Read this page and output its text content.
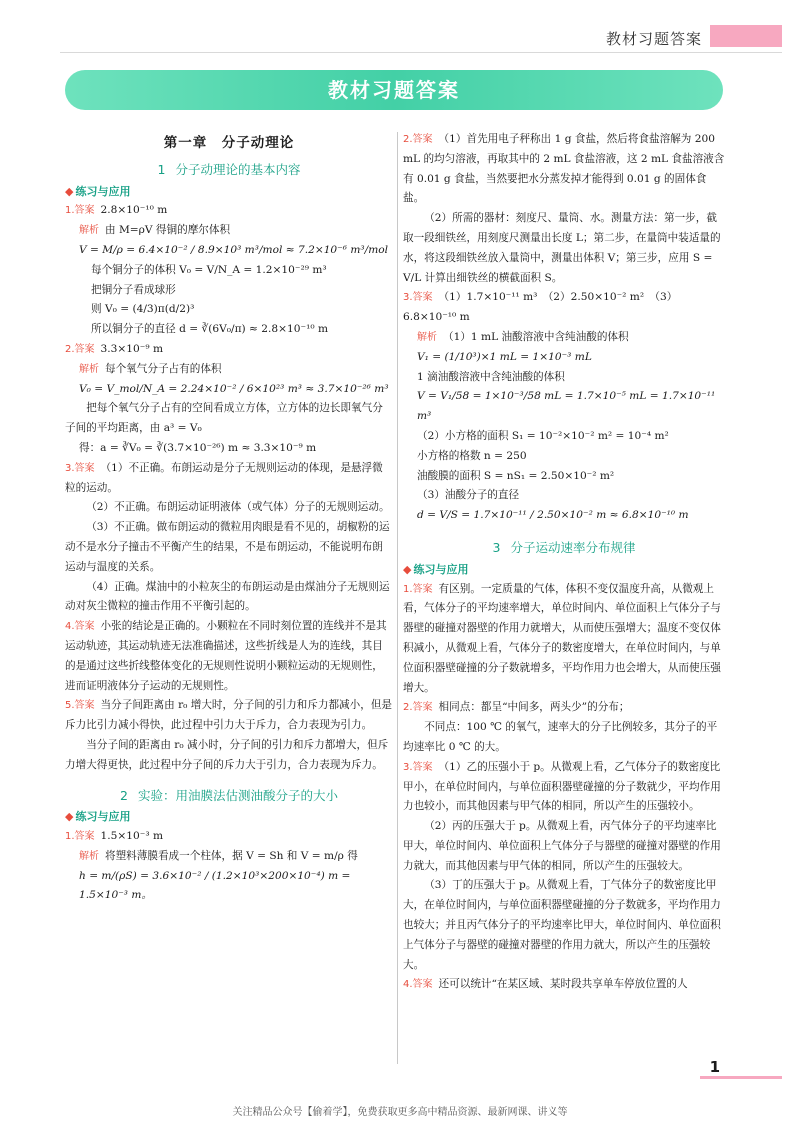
教材习题答案
教材习题答案
第一章　分子动理论
1 分子动理论的基本内容
◆ 练习与应用

1.答案 2.8×10⁻¹⁰ m

解析 由 M=ρV 得铜的摩尔体积

V = M/ρ = 6.4×10⁻² / 8.9×10³ m³/mol ≈ 7.2×10⁻⁶ m³/mol

每个铜分子的体积 V₀ = V/N_A = 1.2×10⁻²⁹ m³

把铜分子看成球形

则 V₀ = (4/3)π(d/2)³

所以铜分子的直径 d = ∛(6V₀/π) ≈ 2.8×10⁻¹⁰ m

2.答案 3.3×10⁻⁹ m

解析 每个氧气分子占有的体积

V₀ = V_mol/N_A = 2.24×10⁻² / 6×10²³ m³ ≈ 3.7×10⁻²⁶ m³

把每个氧气分子占有的空间看成立方体，立方体的边长即氧气分子间的平均距离，由 a³ = V₀

得：a = ∛V₀ = ∛(3.7×10⁻²⁶) m ≈ 3.3×10⁻⁹ m

3.答案 （1）不正确。布朗运动是分子无规则运动的体现，是悬浮微粒的运动。

（2）不正确。布朗运动证明液体（或气体）分子的无规则运动。

（3）不正确。做布朗运动的微粒用肉眼是看不见的，胡椒粉的运动不是水分子撞击不平衡产生的结果，不是布朗运动，不能说明布朗运动与温度的关系。

（4）正确。煤油中的小粒灰尘的布朗运动是由煤油分子无规则运动对灰尘微粒的撞击作用不平衡引起的。

4.答案 小张的结论是正确的。小颗粒在不同时刻位置的连线并不是其运动轨迹，其运动轨迹无法准确描述，这些折线是人为的连线，其目的是通过这些折线整体变化的无规则性说明小颗粒运动的无规则性，进而证明液体分子运动的无规则性。

5.答案 当分子间距离由 r₀ 增大时，分子间的引力和斥力都减小，但是斥力比引力减小得快，此过程中引力大于斥力，合力表现为引力。

当分子间的距离由 r₀ 减小时，分子间的引力和斥力都增大，但斥力增大得更快，此过程中分子间的斥力大于引力，合力表现为斥力。

2 实验：用油膜法估测油酸分子的大小
◆ 练习与应用

1.答案 1.5×10⁻³ m

解析 将塑料薄膜看成一个柱体，据 V = Sh 和 V = m/ρ 得

h = m/(ρS) = 3.6×10⁻² / (1.2×10³×200×10⁻⁴) m = 1.5×10⁻³ m。

2.答案 （1）首先用电子秤称出 1 g 食盐，然后将食盐溶解为 200 mL 的均匀溶液，再取其中的 2 mL 食盐溶液，这 2 mL 食盐溶液含有 0.01 g 食盐，当然要把水分蒸发掉才能得到 0.01 g 的固体食盐。

（2）所需的器材：刻度尺、量筒、水。测量方法：第一步，截取一段细铁丝，用刻度尺测量出长度 L；第二步，在量筒中装适量的水，将这段细铁丝放入量筒中，测量出体积 V；第三步，应用 S = V/L 计算出细铁丝的横截面积 S。

3.答案 （1）1.7×10⁻¹¹ m³　（2）2.50×10⁻² m²　（3）6.8×10⁻¹⁰ m

解析 （1）1 mL 油酸溶液中含纯油酸的体积

V₁ = (1/10³)×1 mL = 1×10⁻³ mL

1 滴油酸溶液中含纯油酸的体积

V = V₁/58 = 1×10⁻³/58 mL = 1.7×10⁻⁵ mL = 1.7×10⁻¹¹ m³

（2）小方格的面积 S₁ = 10⁻²×10⁻² m² = 10⁻⁴ m²

小方格的格数 n = 250

油酸膜的面积 S = nS₁ = 2.50×10⁻² m²

（3）油酸分子的直径

d = V/S = 1.7×10⁻¹¹ / 2.50×10⁻² m ≈ 6.8×10⁻¹⁰ m

3 分子运动速率分布规律
◆ 练习与应用

1.答案 有区别。一定质量的气体，体积不变仅温度升高，从微观上看，气体分子的平均速率增大，单位时间内、单位面积上气体分子与器壁的碰撞对器壁的作用力就增大，从而使压强增大；温度不变仅体积减小，从微观上看，气体分子的数密度增大，在单位时间内，与单位面积器壁碰撞的分子数就增多，平均作用力也会增大，从而使压强增大。

2.答案 相同点：都呈“中间多，两头少”的分布；

不同点：100 ℃ 的氧气，速率大的分子比例较多，其分子的平均速率比 0 ℃ 的大。

3.答案 （1）乙的压强小于 p。从微观上看，乙气体分子的数密度比甲小，在单位时间内，与单位面积器壁碰撞的分子数就少，平均作用力也较小，而其他因素与甲气体的相同，所以产生的压强较小。

（2）丙的压强大于 p。从微观上看，丙气体分子的平均速率比甲大，单位时间内、单位面积上气体分子与器壁的碰撞对器壁的作用力就大，而其他因素与甲气体的相同，所以产生的压强较大。

（3）丁的压强大于 p。从微观上看，丁气体分子的数密度比甲大，在单位时间内，与单位面积器壁碰撞的分子数就多，平均作用力也较大；并且丙气体分子的平均速率比甲大，单位时间内、单位面积上气体分子与器壁的碰撞对器壁的作用力就大，所以产生的压强较大。

4.答案 还可以统计“在某区域、某时段共享单车停放位置的人

1
关注精品公众号【偷着学】，免费获取更多高中精品资源、最新网课、讲义等
